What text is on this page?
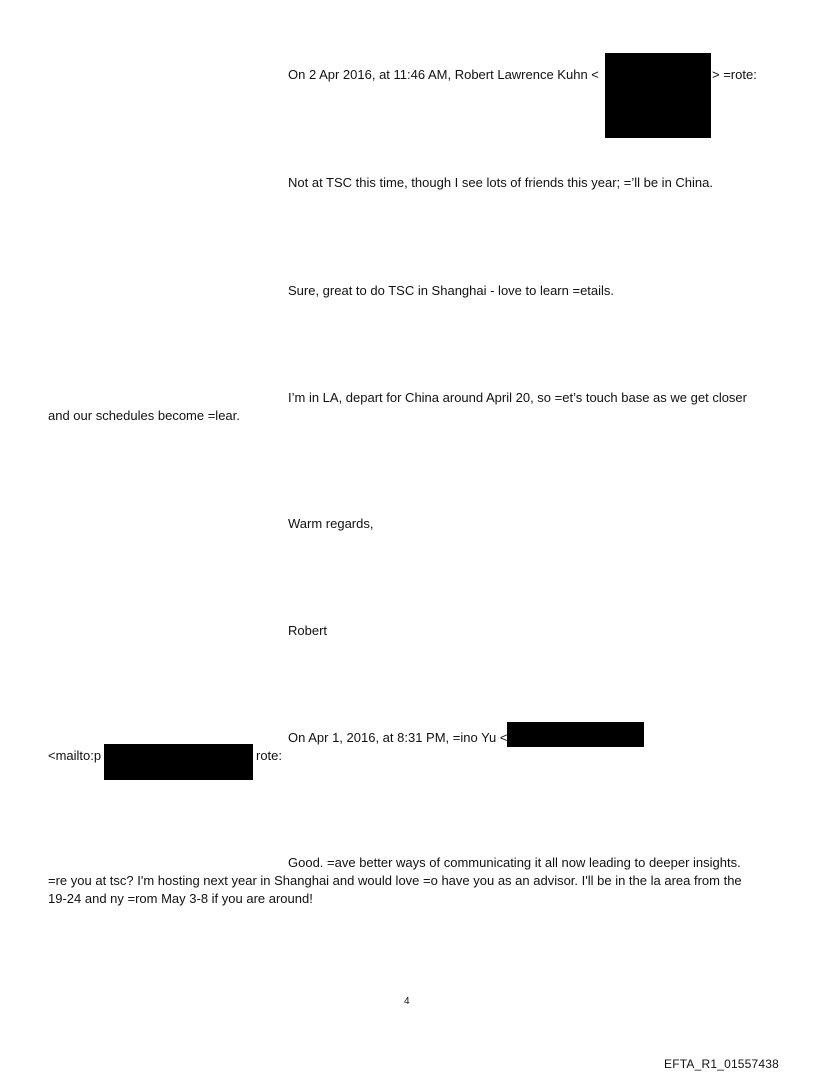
On 2 Apr 2016, at 11:46 AM, Robert Lawrence Kuhn <	> =rote:
Not at TSC this time, though I see lots of friends this year; =’ll be in China.
Sure, great to do TSC in Shanghai - love to learn =etails.
I’m in LA, depart for China around April 20, so =et’s touch base as we get closer
and our schedules become =lear.
Warm regards,
Robert
On Apr 1, 2016, at 8:31 PM, =ino Yu <
<mailto:p	rote:
Good. =ave better ways of communicating it all now leading to deeper insights.
=re you at tsc? I'm hosting next year in Shanghai and would love =o have you as an advisor. I'll be in the la area from the
19-24 and ny =rom May 3-8 if you are around!
4
EFTA_R1_01557438
